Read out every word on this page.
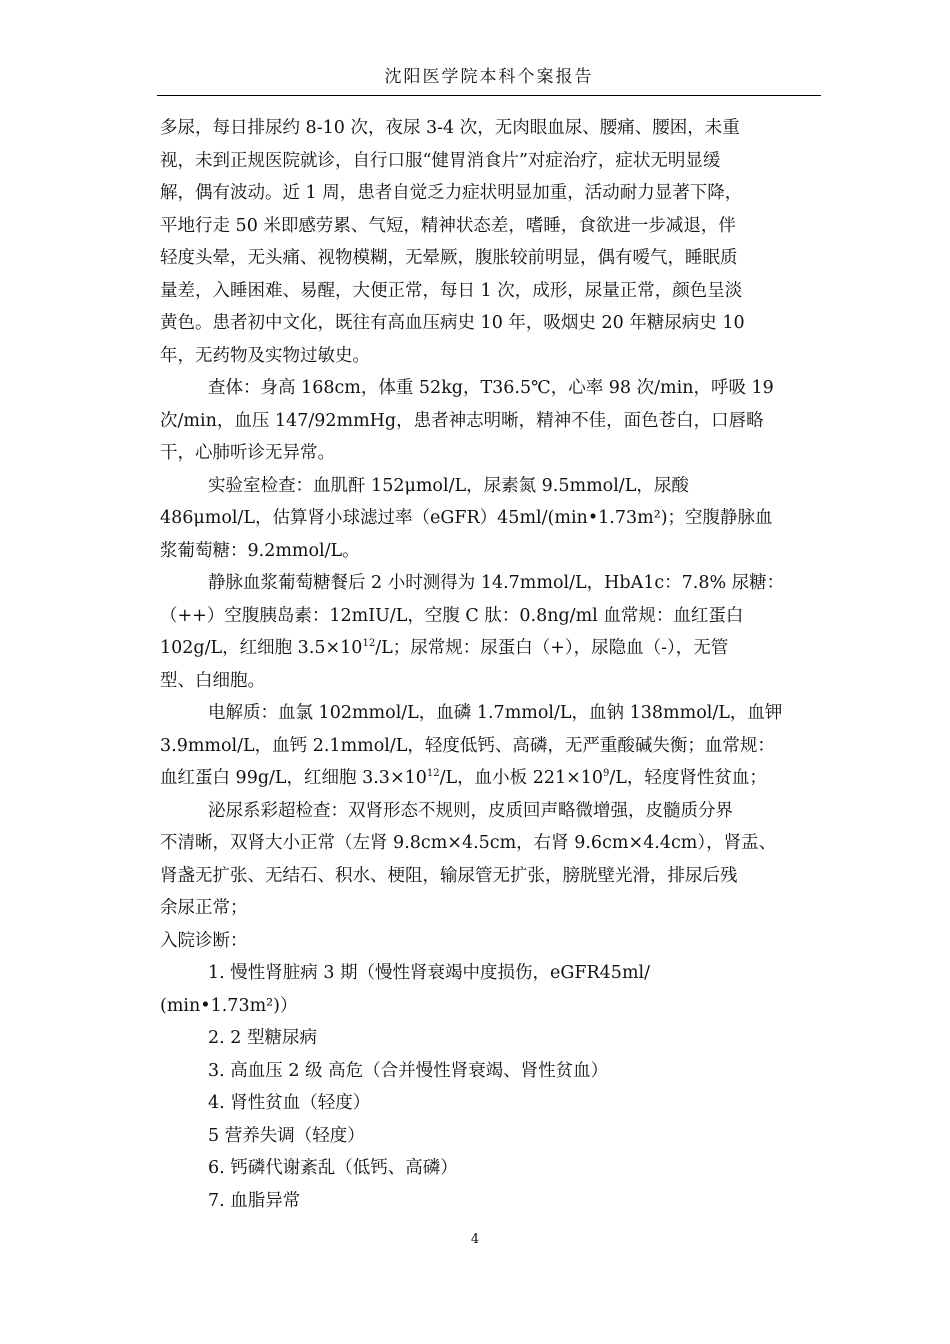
沈阳医学院本科个案报告

多尿，每日排尿约 8-10 次，夜尿 3-4 次，无肉眼血尿、腰痛、腰困，未重
视，未到正规医院就诊，自行口服“健胃消食片”对症治疗，症状无明显缓
解，偶有波动。近 1 周，患者自觉乏力症状明显加重，活动耐力显著下降，
平地行走 50 米即感劳累、气短，精神状态差，嗜睡，食欲进一步减退，伴
轻度头晕，无头痛、视物模糊，无晕厥，腹胀较前明显，偶有嗳气，睡眠质
量差，入睡困难、易醒，大便正常，每日 1 次，成形，尿量正常，颜色呈淡
黄色。患者初中文化，既往有高血压病史 10 年，吸烟史 20 年糖尿病史 10
年，无药物及实物过敏史。

查体：身高 168cm，体重 52kg，T36.5℃，心率 98 次/min，呼吸 19
次/min，血压 147/92mmHg，患者神志明晰，精神不佳，面色苍白，口唇略
干，心肺听诊无异常。

实验室检查：血肌酐 152μmol/L，尿素氮 9.5mmol/L，尿酸
486μmol/L，估算肾小球滤过率（eGFR）45ml/(min•1.73m²)；空腹静脉血
浆葡萄糖：9.2mmol/L。

静脉血浆葡萄糖餐后 2 小时测得为 14.7mmol/L，HbA1c：7.8% 尿糖：
（++）空腹胰岛素：12mIU/L，空腹 C 肽：0.8ng/ml 血常规：血红蛋白
102g/L，红细胞 $3.5\times 10^{12}/L$；尿常规：尿蛋白（+），尿隐血（-），无管
型、白细胞。

电解质：血氯 102mmol/L，血磷 1.7mmol/L，血钠 138mmol/L，血钾
3.9mmol/L，血钙 2.1mmol/L，轻度低钙、高磷，无严重酸碱失衡；血常规：
血红蛋白 99g/L，红细胞 $3.3\times 10^{12}/L$，血小板 $221\times 10^9/L$，轻度肾性贫血；

泌尿系彩超检查：双肾形态不规则，皮质回声略微增强，皮髓质分界
不清晰，双肾大小正常（左肾 9.8cm×4.5cm，右肾 9.6cm×4.4cm），肾盂、
肾盏无扩张、无结石、积水、梗阻，输尿管无扩张，膀胱壁光滑，排尿后残
余尿正常；

入院诊断：
1. 慢性肾脏病 3 期（慢性肾衰竭中度损伤，eGFR45ml/
(min•1.73m²)）
2. 2 型糖尿病
3. 高血压 2 级 高危（合并慢性肾衰竭、肾性贫血）
4. 肾性贫血（轻度）
5 营养失调（轻度）
6. 钙磷代谢紊乱（低钙、高磷）
7. 血脂异常
4
